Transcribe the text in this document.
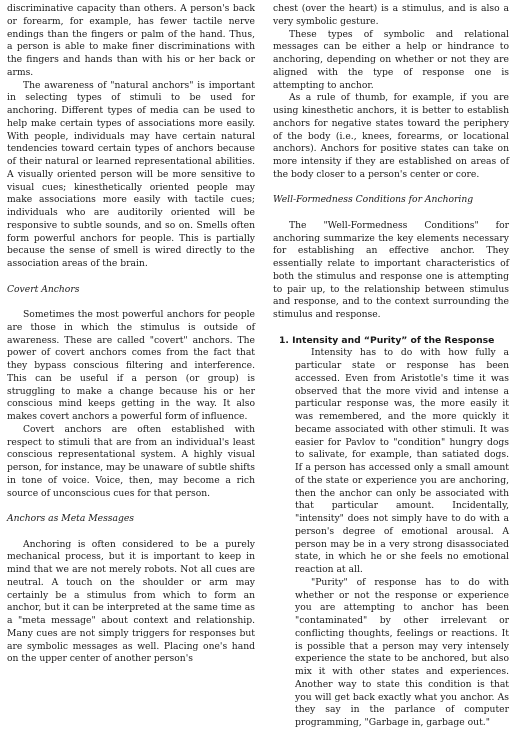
discriminative capacity than others. A person's back or forearm, for example, has fewer tactile nerve endings than the fingers or palm of the hand. Thus, a person is able to make finer discriminations with the fingers and hands than with his or her back or arms.

The awareness of "natural anchors" is important in selecting types of stimuli to be used for anchoring. Different types of media can be used to help make certain types of associations more easily. With people, individuals may have certain natural tendencies toward certain types of anchors because of their natural or learned representational abilities. A visually oriented person will be more sensitive to visual cues; kinesthetically oriented people may make associations more easily with tactile cues; individuals who are auditorily oriented will be responsive to subtle sounds, and so on. Smells often form powerful anchors for people. This is partially because the sense of smell is wired directly to the association areas of the brain.

Covert Anchors

Sometimes the most powerful anchors for people are those in which the stimulus is outside of awareness. These are called "covert" anchors. The power of covert anchors comes from the fact that they bypass conscious filtering and interference. This can be useful if a person (or group) is struggling to make a change because his or her conscious mind keeps getting in the way. It also makes covert anchors a powerful form of influence.

Covert anchors are often established with respect to stimuli that are from an individual's least conscious representational system. A highly visual person, for instance, may be unaware of subtle shifts in tone of voice. Voice, then, may become a rich source of unconscious cues for that person.

Anchors as Meta Messages

Anchoring is often considered to be a purely mechanical process, but it is important to keep in mind that we are not merely robots. Not all cues are neutral. A touch on the shoulder or arm may certainly be a stimulus from which to form an anchor, but it can be interpreted at the same time as a "meta message" about context and relationship. Many cues are not simply triggers for responses but are symbolic messages as well. Placing one's hand on the upper center of another person's

chest (over the heart) is a stimulus, and is also a very symbolic gesture.

These types of symbolic and relational messages can be either a help or hindrance to anchoring, depending on whether or not they are aligned with the type of response one is attempting to anchor.

As a rule of thumb, for example, if you are using kinesthetic anchors, it is better to establish anchors for negative states toward the periphery of the body (i.e., knees, forearms, or locational anchors). Anchors for positive states can take on more intensity if they are established on areas of the body closer to a person's center or core.

Well-Formedness Conditions for Anchoring

The "Well-Formedness Conditions" for anchoring summarize the key elements necessary for establishing an effective anchor. They essentially relate to important characteristics of both the stimulus and response one is attempting to pair up, to the relationship between stimulus and response, and to the context surrounding the stimulus and response.

1. Intensity and “Purity” of the Response

Intensity has to do with how fully a particular state or response has been accessed. Even from Aristotle's time it was observed that the more vivid and intense a particular response was, the more easily it was remembered, and the more quickly it became associated with other stimuli. It was easier for Pavlov to "condition" hungry dogs to salivate, for example, than satiated dogs. If a person has accessed only a small amount of the state or experience you are anchoring, then the anchor can only be associated with that particular amount. Incidentally, "intensity" does not simply have to do with a person's degree of emotional arousal. A person may be in a very strong disassociated state, in which he or she feels no emotional reaction at all.

"Purity" of response has to do with whether or not the response or experience you are attempting to anchor has been "contaminated" by other irrelevant or conflicting thoughts, feelings or reactions. It is possible that a person may very intensely experience the state to be anchored, but also mix it with other states and experiences. Another way to state this condition is that you will get back exactly what you anchor. As they say in the parlance of computer programming, "Garbage in, garbage out."
